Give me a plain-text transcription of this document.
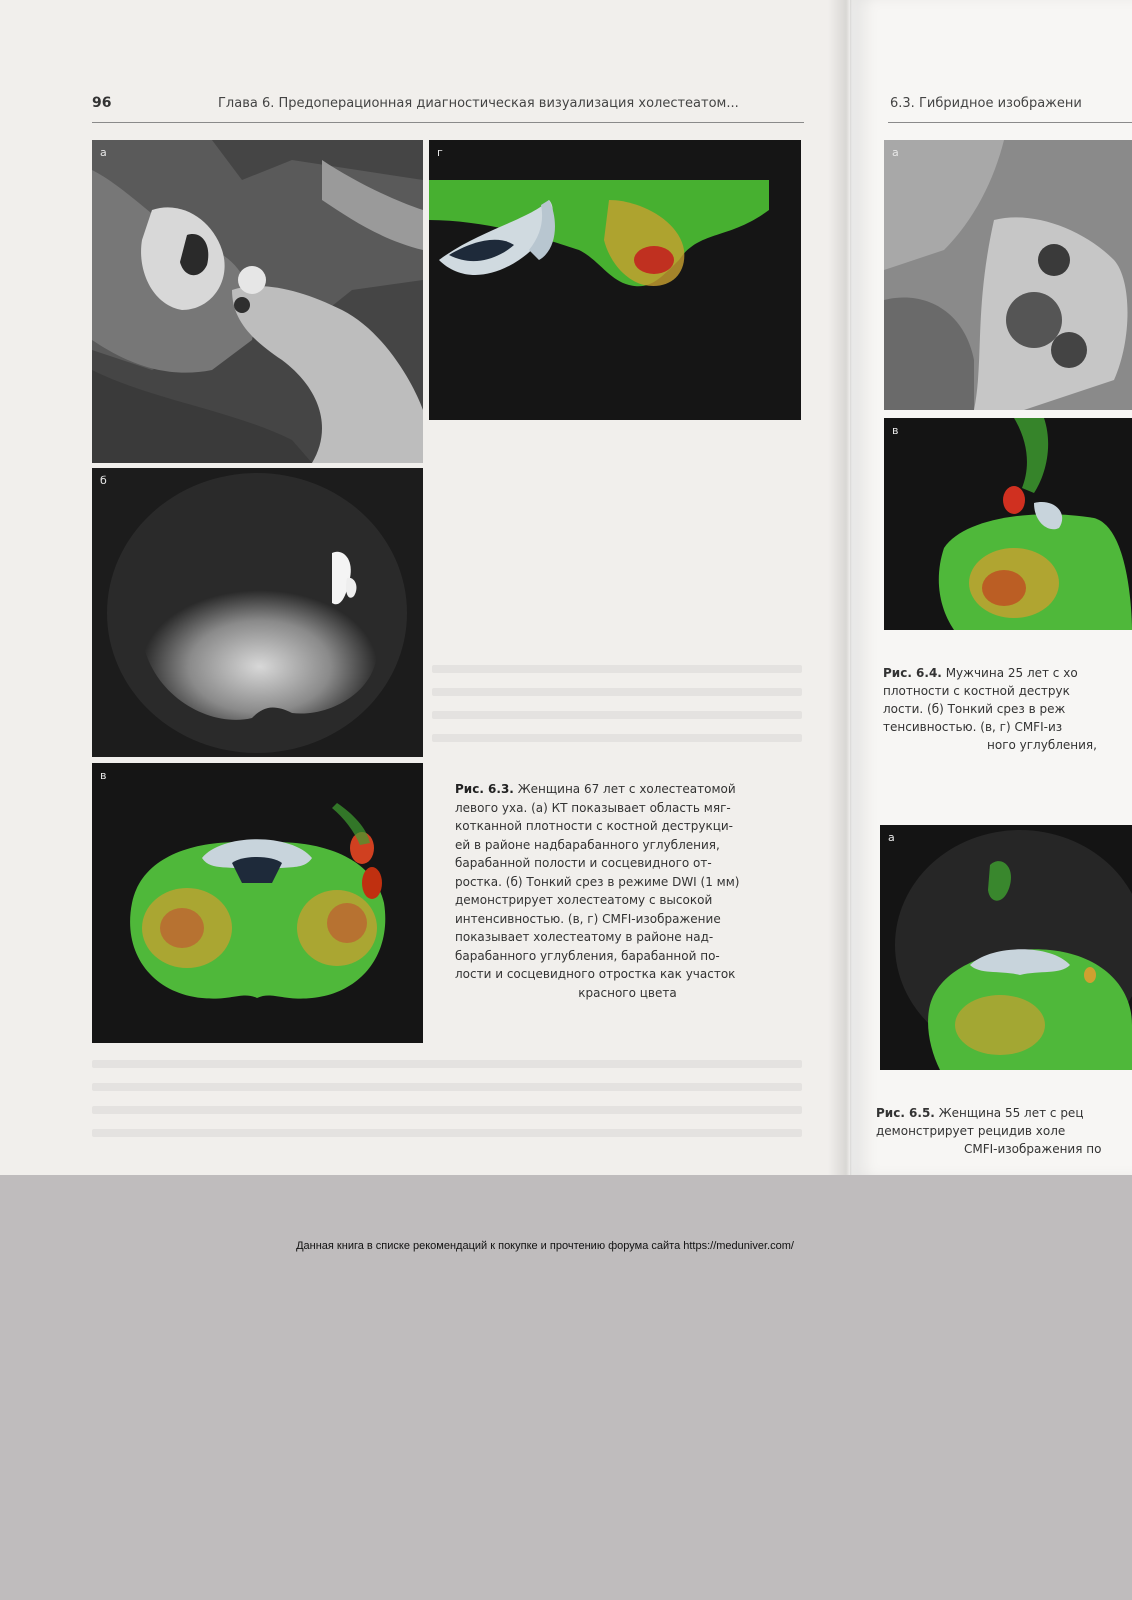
96	Глава 6. Предоперационная диагностическая визуализация холестеатом...
а
б
в
г
Рис. 6.3. Женщина 67 лет с холестеатомой
левого уха. (а) КТ показывает область мяг-
котканной плотности с костной деструкци-
ей в районе надбарабанного углубления,
барабанной полости и сосцевидного от-
ростка. (б) Тонкий срез в режиме DWI (1 мм)
демонстрирует холестеатому с высокой
интенсивностью. (в, г) CMFI-изображение
показывает холестеатому в районе над-
барабанного углубления, барабанной по-
лости и сосцевидного отростка как участок
красного цвета
6.3. Гибридное изображени
а
в
Рис. 6.4. Мужчина 25 лет с хо
плотности с костной деструк
лости. (б) Тонкий срез в реж
тенсивностью. (в, г) CMFI-из
ного углубления,
а
Рис. 6.5. Женщина 55 лет с рец
демонстрирует рецидив холе
CMFI-изображения по
Данная книга в списке рекомендаций к покупке и прочтению форума сайта https://meduniver.com/
